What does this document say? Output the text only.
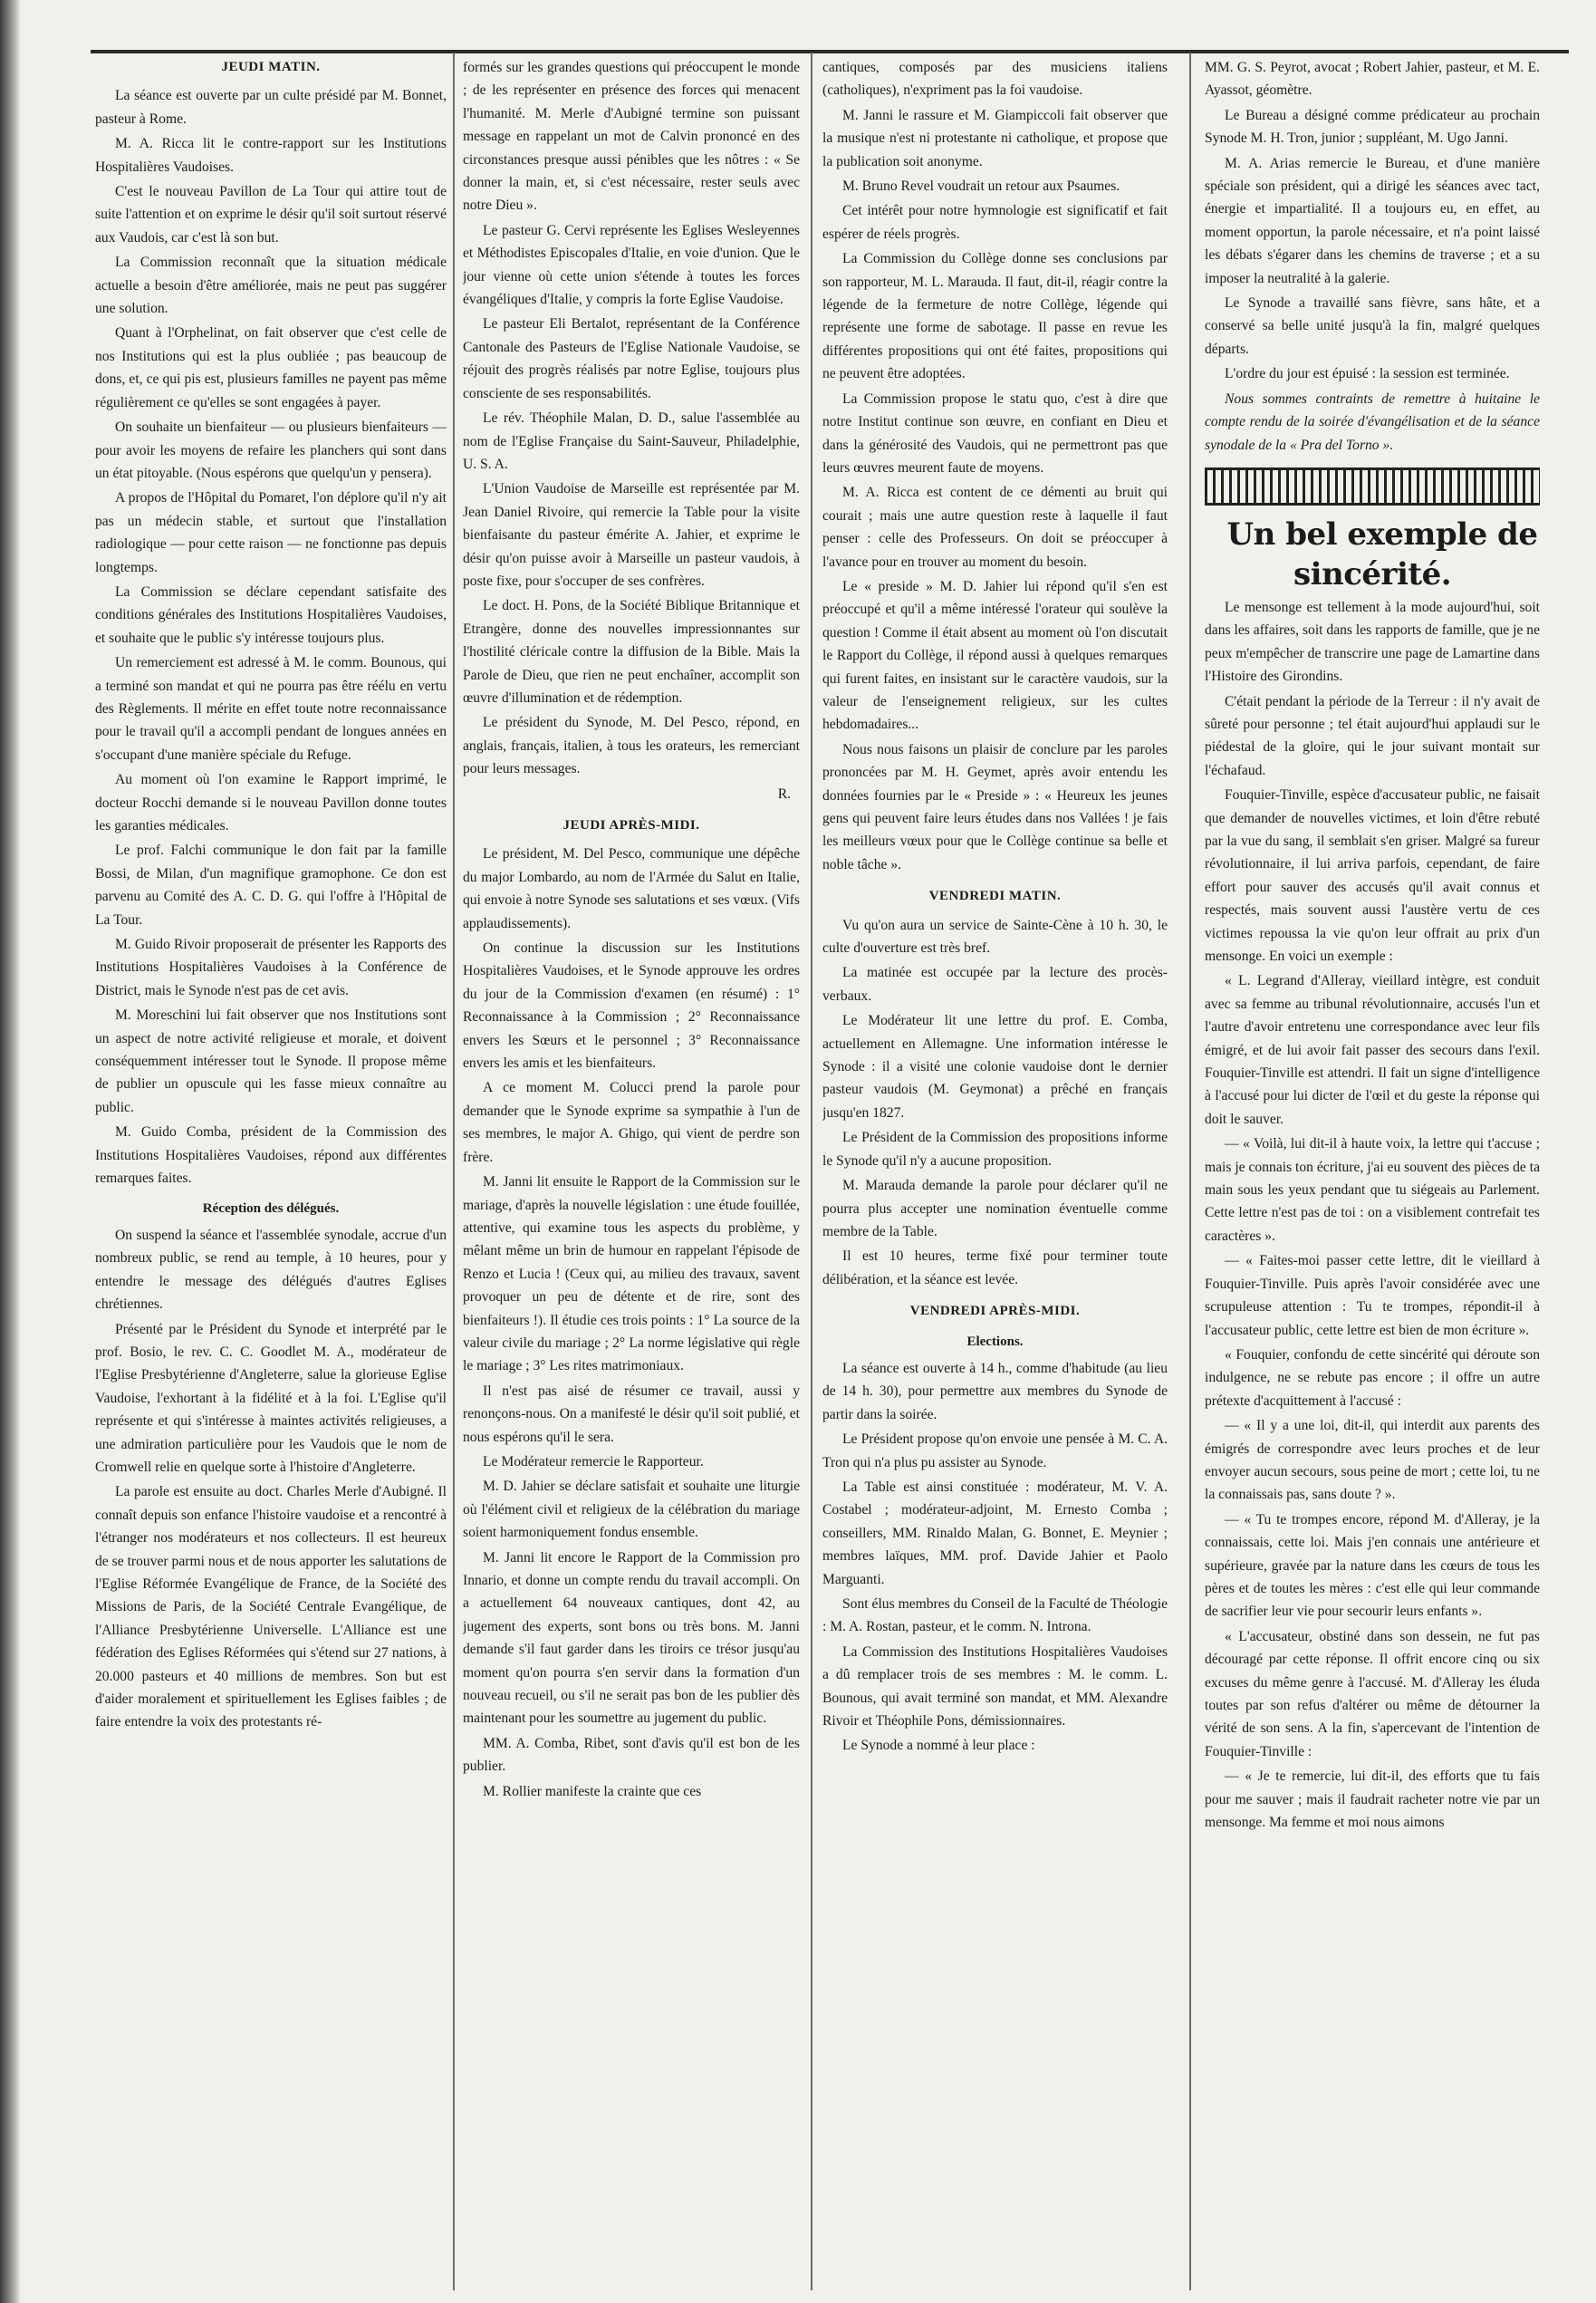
JEUDI MATIN.

La séance est ouverte par un culte présidé par M. Bonnet, pasteur à Rome.

M. A. Ricca lit le contre-rapport sur les Institutions Hospitalières Vaudoises.

C'est le nouveau Pavillon de La Tour qui attire tout de suite l'attention et on exprime le désir qu'il soit surtout réservé aux Vaudois, car c'est là son but.

La Commission reconnaît que la situation médicale actuelle a besoin d'être améliorée, mais ne peut pas suggérer une solution.

Quant à l'Orphelinat, on fait observer que c'est celle de nos Institutions qui est la plus oubliée ; pas beaucoup de dons, et, ce qui pis est, plusieurs familles ne payent pas même régulièrement ce qu'elles se sont engagées à payer.

On souhaite un bienfaiteur — ou plusieurs bienfaiteurs — pour avoir les moyens de refaire les planchers qui sont dans un état pitoyable. (Nous espérons que quelqu'un y pensera).

A propos de l'Hôpital du Pomaret, l'on déplore qu'il n'y ait pas un médecin stable, et surtout que l'installation radiologique — pour cette raison — ne fonctionne pas depuis longtemps.

La Commission se déclare cependant satisfaite des conditions générales des Institutions Hospitalières Vaudoises, et souhaite que le public s'y intéresse toujours plus.

Un remerciement est adressé à M. le comm. Bounous, qui a terminé son mandat et qui ne pourra pas être réélu en vertu des Règlements. Il mérite en effet toute notre reconnaissance pour le travail qu'il a accompli pendant de longues années en s'occupant d'une manière spéciale du Refuge.

Au moment où l'on examine le Rapport imprimé, le docteur Rocchi demande si le nouveau Pavillon donne toutes les garanties médicales.

Le prof. Falchi communique le don fait par la famille Bossi, de Milan, d'un magnifique gramophone. Ce don est parvenu au Comité des A. C. D. G. qui l'offre à l'Hôpital de La Tour.

M. Guido Rivoir proposerait de présenter les Rapports des Institutions Hospitalières Vaudoises à la Conférence de District, mais le Synode n'est pas de cet avis.

M. Moreschini lui fait observer que nos Institutions sont un aspect de notre activité religieuse et morale, et doivent conséquemment intéresser tout le Synode. Il propose même de publier un opuscule qui les fasse mieux connaître au public.

M. Guido Comba, président de la Commission des Institutions Hospitalières Vaudoises, répond aux différentes remarques faites.

Réception des délégués.

On suspend la séance et l'assemblée synodale, accrue d'un nombreux public, se rend au temple, à 10 heures, pour y entendre le message des délégués d'autres Eglises chrétiennes.

Présenté par le Président du Synode et interprété par le prof. Bosio, le rev. C. C. Goodlet M. A., modérateur de l'Eglise Presbytérienne d'Angleterre, salue la glorieuse Eglise Vaudoise, l'exhortant à la fidélité et à la foi. L'Eglise qu'il représente et qui s'intéresse à maintes activités religieuses, a une admiration particulière pour les Vaudois que le nom de Cromwell relie en quelque sorte à l'histoire d'Angleterre.

La parole est ensuite au doct. Charles Merle d'Aubigné. Il connaît depuis son enfance l'histoire vaudoise et a rencontré à l'étranger nos modérateurs et nos collecteurs. Il est heureux de se trouver parmi nous et de nous apporter les salutations de l'Eglise Réformée Evangélique de France, de la Société des Missions de Paris, de la Société Centrale Evangélique, de l'Alliance Presbytérienne Universelle. L'Alliance est une fédération des Eglises Réformées qui s'étend sur 27 nations, à 20.000 pasteurs et 40 millions de membres. Son but est d'aider moralement et spirituellement les Eglises faibles ; de faire entendre la voix des protestants ré-

formés sur les grandes questions qui préoccupent le monde ; de les représenter en présence des forces qui menacent l'humanité. M. Merle d'Aubigné termine son puissant message en rappelant un mot de Calvin prononcé en des circonstances presque aussi pénibles que les nôtres : « Se donner la main, et, si c'est nécessaire, rester seuls avec notre Dieu ».

Le pasteur G. Cervi représente les Eglises Wesleyennes et Méthodistes Episcopales d'Italie, en voie d'union. Que le jour vienne où cette union s'étende à toutes les forces évangéliques d'Italie, y compris la forte Eglise Vaudoise.

Le pasteur Eli Bertalot, représentant de la Conférence Cantonale des Pasteurs de l'Eglise Nationale Vaudoise, se réjouit des progrès réalisés par notre Eglise, toujours plus consciente de ses responsabilités.

Le rév. Théophile Malan, D. D., salue l'assemblée au nom de l'Eglise Française du Saint-Sauveur, Philadelphie, U. S. A.

L'Union Vaudoise de Marseille est représentée par M. Jean Daniel Rivoire, qui remercie la Table pour la visite bienfaisante du pasteur émérite A. Jahier, et exprime le désir qu'on puisse avoir à Marseille un pasteur vaudois, à poste fixe, pour s'occuper de ses confrères.

Le doct. H. Pons, de la Société Biblique Britannique et Etrangère, donne des nouvelles impressionnantes sur l'hostilité cléricale contre la diffusion de la Bible. Mais la Parole de Dieu, que rien ne peut enchaîner, accomplit son œuvre d'illumination et de rédemption.

Le président du Synode, M. Del Pesco, répond, en anglais, français, italien, à tous les orateurs, les remerciant pour leurs messages.

R.

JEUDI APRÈS-MIDI.

Le président, M. Del Pesco, communique une dépêche du major Lombardo, au nom de l'Armée du Salut en Italie, qui envoie à notre Synode ses salutations et ses vœux. (Vifs applaudissements).

On continue la discussion sur les Institutions Hospitalières Vaudoises, et le Synode approuve les ordres du jour de la Commission d'examen (en résumé) : 1° Reconnaissance à la Commission ; 2° Reconnaissance envers les Sœurs et le personnel ; 3° Reconnaissance envers les amis et les bienfaiteurs.

A ce moment M. Colucci prend la parole pour demander que le Synode exprime sa sympathie à l'un de ses membres, le major A. Ghigo, qui vient de perdre son frère.

M. Janni lit ensuite le Rapport de la Commission sur le mariage, d'après la nouvelle législation : une étude fouillée, attentive, qui examine tous les aspects du problème, y mêlant même un brin de humour en rappelant l'épisode de Renzo et Lucia ! (Ceux qui, au milieu des travaux, savent provoquer un peu de détente et de rire, sont des bienfaiteurs !). Il étudie ces trois points : 1° La source de la valeur civile du mariage ; 2° La norme législative qui règle le mariage ; 3° Les rites matrimoniaux.

Il n'est pas aisé de résumer ce travail, aussi y renonçons-nous. On a manifesté le désir qu'il soit publié, et nous espérons qu'il le sera.

Le Modérateur remercie le Rapporteur.

M. D. Jahier se déclare satisfait et souhaite une liturgie où l'élément civil et religieux de la célébration du mariage soient harmoniquement fondus ensemble.

M. Janni lit encore le Rapport de la Commission pro Innario, et donne un compte rendu du travail accompli. On a actuellement 64 nouveaux cantiques, dont 42, au jugement des experts, sont bons ou très bons. M. Janni demande s'il faut garder dans les tiroirs ce trésor jusqu'au moment qu'on pourra s'en servir dans la formation d'un nouveau recueil, ou s'il ne serait pas bon de les publier dès maintenant pour les soumettre au jugement du public.

MM. A. Comba, Ribet, sont d'avis qu'il est bon de les publier.

M. Rollier manifeste la crainte que ces

cantiques, composés par des musiciens italiens (catholiques), n'expriment pas la foi vaudoise.

M. Janni le rassure et M. Giampiccoli fait observer que la musique n'est ni protestante ni catholique, et propose que la publication soit anonyme.

M. Bruno Revel voudrait un retour aux Psaumes.

Cet intérêt pour notre hymnologie est significatif et fait espérer de réels progrès.

La Commission du Collège donne ses conclusions par son rapporteur, M. L. Marauda. Il faut, dit-il, réagir contre la légende de la fermeture de notre Collège, légende qui représente une forme de sabotage. Il passe en revue les différentes propositions qui ont été faites, propositions qui ne peuvent être adoptées.

La Commission propose le statu quo, c'est à dire que notre Institut continue son œuvre, en confiant en Dieu et dans la générosité des Vaudois, qui ne permettront pas que leurs œuvres meurent faute de moyens.

M. A. Ricca est content de ce démenti au bruit qui courait ; mais une autre question reste à laquelle il faut penser : celle des Professeurs. On doit se préoccuper à l'avance pour en trouver au moment du besoin.

Le « preside » M. D. Jahier lui répond qu'il s'en est préoccupé et qu'il a même intéressé l'orateur qui soulève la question ! Comme il était absent au moment où l'on discutait le Rapport du Collège, il répond aussi à quelques remarques qui furent faites, en insistant sur le caractère vaudois, sur la valeur de l'enseignement religieux, sur les cultes hebdomadaires...

Nous nous faisons un plaisir de conclure par les paroles prononcées par M. H. Geymet, après avoir entendu les données fournies par le « Preside » : « Heureux les jeunes gens qui peuvent faire leurs études dans nos Vallées ! je fais les meilleurs vœux pour que le Collège continue sa belle et noble tâche ».

VENDREDI MATIN.

Vu qu'on aura un service de Sainte-Cène à 10 h. 30, le culte d'ouverture est très bref.

La matinée est occupée par la lecture des procès-verbaux.

Le Modérateur lit une lettre du prof. E. Comba, actuellement en Allemagne. Une information intéresse le Synode : il a visité une colonie vaudoise dont le dernier pasteur vaudois (M. Geymonat) a prêché en français jusqu'en 1827.

Le Président de la Commission des propositions informe le Synode qu'il n'y a aucune proposition.

M. Marauda demande la parole pour déclarer qu'il ne pourra plus accepter une nomination éventuelle comme membre de la Table.

Il est 10 heures, terme fixé pour terminer toute délibération, et la séance est levée.

VENDREDI APRÈS-MIDI.
Elections.

La séance est ouverte à 14 h., comme d'habitude (au lieu de 14 h. 30), pour permettre aux membres du Synode de partir dans la soirée.

Le Président propose qu'on envoie une pensée à M. C. A. Tron qui n'a plus pu assister au Synode.

La Table est ainsi constituée : modérateur, M. V. A. Costabel ; modérateur-adjoint, M. Ernesto Comba ; conseillers, MM. Rinaldo Malan, G. Bonnet, E. Meynier ; membres laïques, MM. prof. Davide Jahier et Paolo Marguanti.

Sont élus membres du Conseil de la Faculté de Théologie : M. A. Rostan, pasteur, et le comm. N. Introna.

La Commission des Institutions Hospitalières Vaudoises a dû remplacer trois de ses membres : M. le comm. L. Bounous, qui avait terminé son mandat, et MM. Alexandre Rivoir et Théophile Pons, démissionnaires.

Le Synode a nommé à leur place :

MM. G. S. Peyrot, avocat ; Robert Jahier, pasteur, et M. E. Ayassot, géomètre.

Le Bureau a désigné comme prédicateur au prochain Synode M. H. Tron, junior ; suppléant, M. Ugo Janni.

M. A. Arias remercie le Bureau, et d'une manière spéciale son président, qui a dirigé les séances avec tact, énergie et impartialité. Il a toujours eu, en effet, au moment opportun, la parole nécessaire, et n'a point laissé les débats s'égarer dans les chemins de traverse ; et a su imposer la neutralité à la galerie.

Le Synode a travaillé sans fièvre, sans hâte, et a conservé sa belle unité jusqu'à la fin, malgré quelques départs.

L'ordre du jour est épuisé : la session est terminée.

Nous sommes contraints de remettre à huitaine le compte rendu de la soirée d'évangélisation et de la séance synodale de la « Pra del Torno ».

Un bel exemple de sincérité.

Le mensonge est tellement à la mode aujourd'hui, soit dans les affaires, soit dans les rapports de famille, que je ne peux m'empêcher de transcrire une page de Lamartine dans l'Histoire des Girondins.

C'était pendant la période de la Terreur : il n'y avait de sûreté pour personne ; tel était aujourd'hui applaudi sur le piédestal de la gloire, qui le jour suivant montait sur l'échafaud.

Fouquier-Tinville, espèce d'accusateur public, ne faisait que demander de nouvelles victimes, et loin d'être rebuté par la vue du sang, il semblait s'en griser. Malgré sa fureur révolutionnaire, il lui arriva parfois, cependant, de faire effort pour sauver des accusés qu'il avait connus et respectés, mais souvent aussi l'austère vertu de ces victimes repoussa la vie qu'on leur offrait au prix d'un mensonge. En voici un exemple :

« L. Legrand d'Alleray, vieillard intègre, est conduit avec sa femme au tribunal révolutionnaire, accusés l'un et l'autre d'avoir entretenu une correspondance avec leur fils émigré, et de lui avoir fait passer des secours dans l'exil. Fouquier-Tinville est attendri. Il fait un signe d'intelligence à l'accusé pour lui dicter de l'œil et du geste la réponse qui doit le sauver.

— « Voilà, lui dit-il à haute voix, la lettre qui t'accuse ; mais je connais ton écriture, j'ai eu souvent des pièces de ta main sous les yeux pendant que tu siégeais au Parlement. Cette lettre n'est pas de toi : on a visiblement contrefait tes caractères ».

— « Faites-moi passer cette lettre, dit le vieillard à Fouquier-Tinville. Puis après l'avoir considérée avec une scrupuleuse attention : Tu te trompes, répondit-il à l'accusateur public, cette lettre est bien de mon écriture ».

« Fouquier, confondu de cette sincérité qui déroute son indulgence, ne se rebute pas encore ; il offre un autre prétexte d'acquittement à l'accusé :

— « Il y a une loi, dit-il, qui interdit aux parents des émigrés de correspondre avec leurs proches et de leur envoyer aucun secours, sous peine de mort ; cette loi, tu ne la connaissais pas, sans doute ? ».

— « Tu te trompes encore, répond M. d'Alleray, je la connaissais, cette loi. Mais j'en connais une antérieure et supérieure, gravée par la nature dans les cœurs de tous les pères et de toutes les mères : c'est elle qui leur commande de sacrifier leur vie pour secourir leurs enfants ».

« L'accusateur, obstiné dans son dessein, ne fut pas découragé par cette réponse. Il offrit encore cinq ou six excuses du même genre à l'accusé. M. d'Alleray les éluda toutes par son refus d'altérer ou même de détourner la vérité de son sens. A la fin, s'apercevant de l'intention de Fouquier-Tinville :

— « Je te remercie, lui dit-il, des efforts que tu fais pour me sauver ; mais il faudrait racheter notre vie par un mensonge. Ma femme et moi nous aimons
